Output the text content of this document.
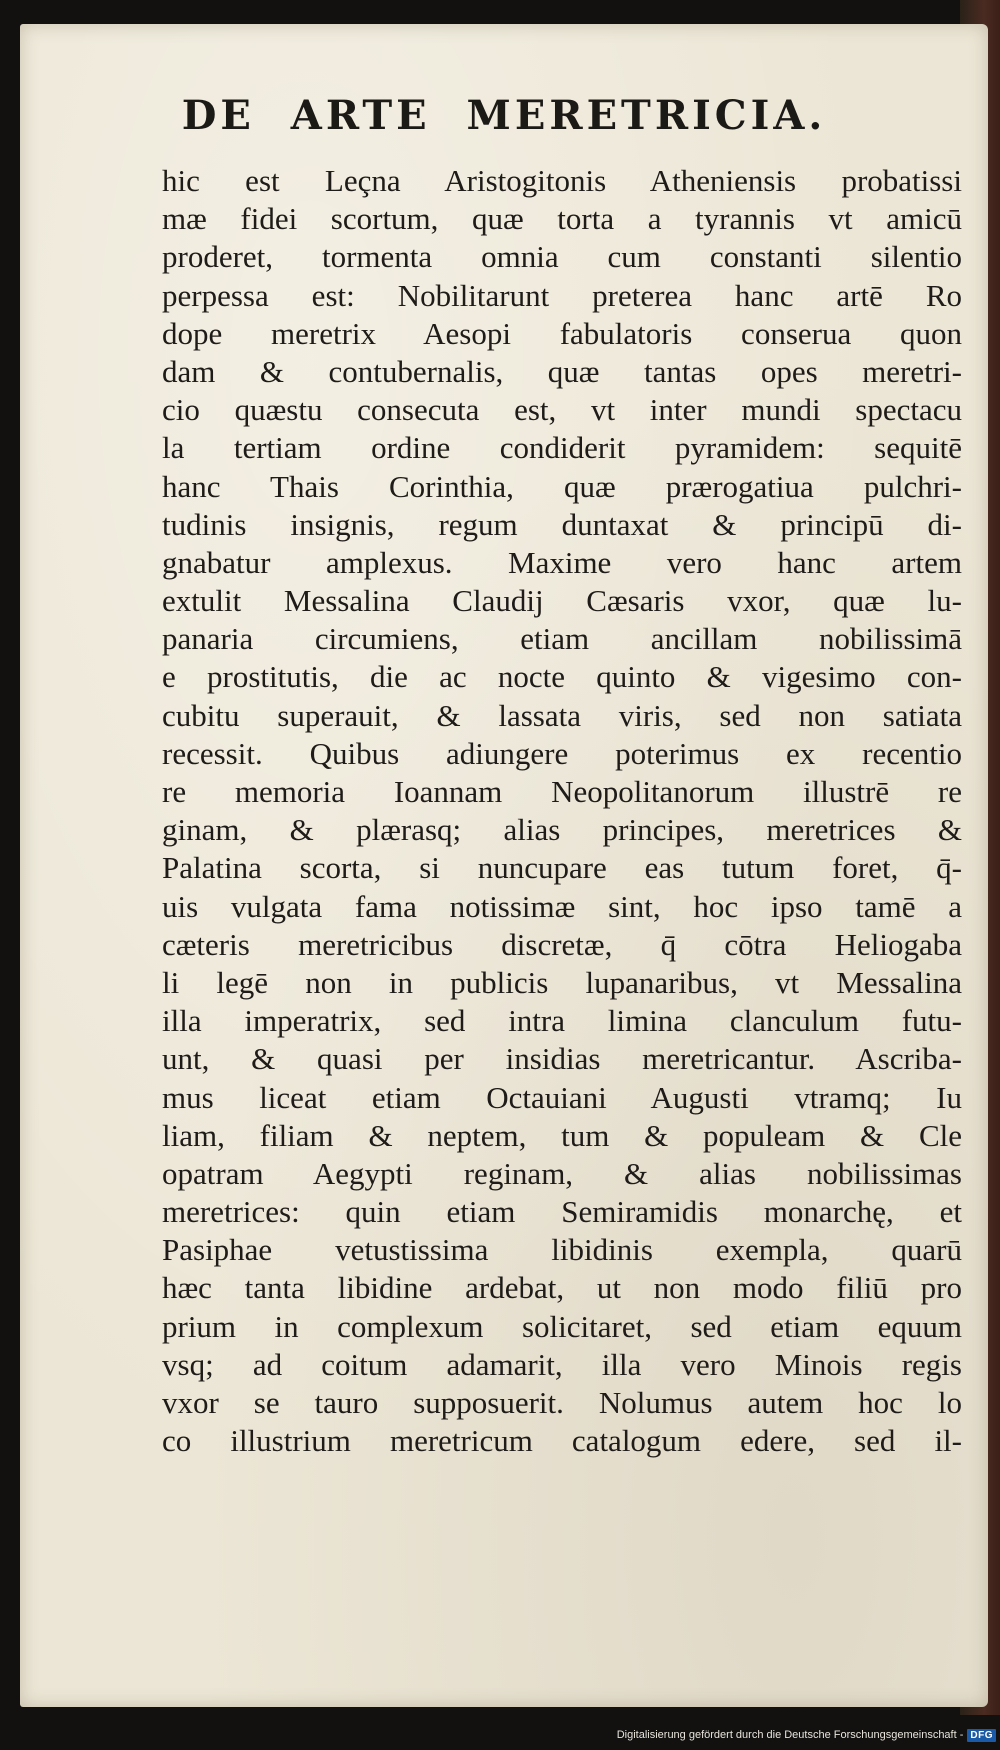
DE ARTE MERETRICIA.
hic est Leçna Aristogitonis Atheniensis probatissi
mæ fidei scortum, quæ torta a tyrannis vt amicū
proderet, tormenta omnia cum constanti silentio
perpessa est: Nobilitarunt preterea hanc artē Ro
dope meretrix Aesopi fabulatoris conserua quon
dam & contubernalis, quæ tantas opes meretri-
cio quæstu consecuta est, vt inter mundi spectacu
la tertiam ordine condiderit pyramidem: sequitē
hanc Thais Corinthia, quæ prærogatiua pulchri-
tudinis insignis, regum duntaxat & principū di-
gnabatur amplexus. Maxime vero hanc artem
extulit Messalina Claudij Cæsaris vxor, quæ lu-
panaria circumiens, etiam ancillam nobilissimā
e prostitutis, die ac nocte quinto & vigesimo con-
cubitu superauit, & lassata viris, sed non satiata
recessit. Quibus adiungere poterimus ex recentio
re memoria Ioannam Neopolitanorum illustrē re
ginam, & plærasq; alias principes, meretrices &
Palatina scorta, si nuncupare eas tutum foret, q̄-
uis vulgata fama notissimæ sint, hoc ipso tamē a
cæteris meretricibus discretæ, q̄ cōtra Heliogaba
li legē non in publicis lupanaribus, vt Messalina
illa imperatrix, sed intra limina clanculum futu-
unt, & quasi per insidias meretricantur. Ascriba-
mus liceat etiam Octauiani Augusti vtramq; Iu
liam, filiam & neptem, tum & populeam & Cle
opatram Aegypti reginam, & alias nobilissimas
meretrices: quin etiam Semiramidis monarchę, et
Pasiphae vetustissima libidinis exempla, quarū
hæc tanta libidine ardebat, ut non modo filiū pro
prium in complexum solicitaret, sed etiam equum
vsq; ad coitum adamarit, illa vero Minois regis
vxor se tauro supposuerit. Nolumus autem hoc lo
co illustrium meretricum catalogum edere, sed il-
Digitalisierung gefördert durch die Deutsche Forschungsgemeinschaft - DFG
